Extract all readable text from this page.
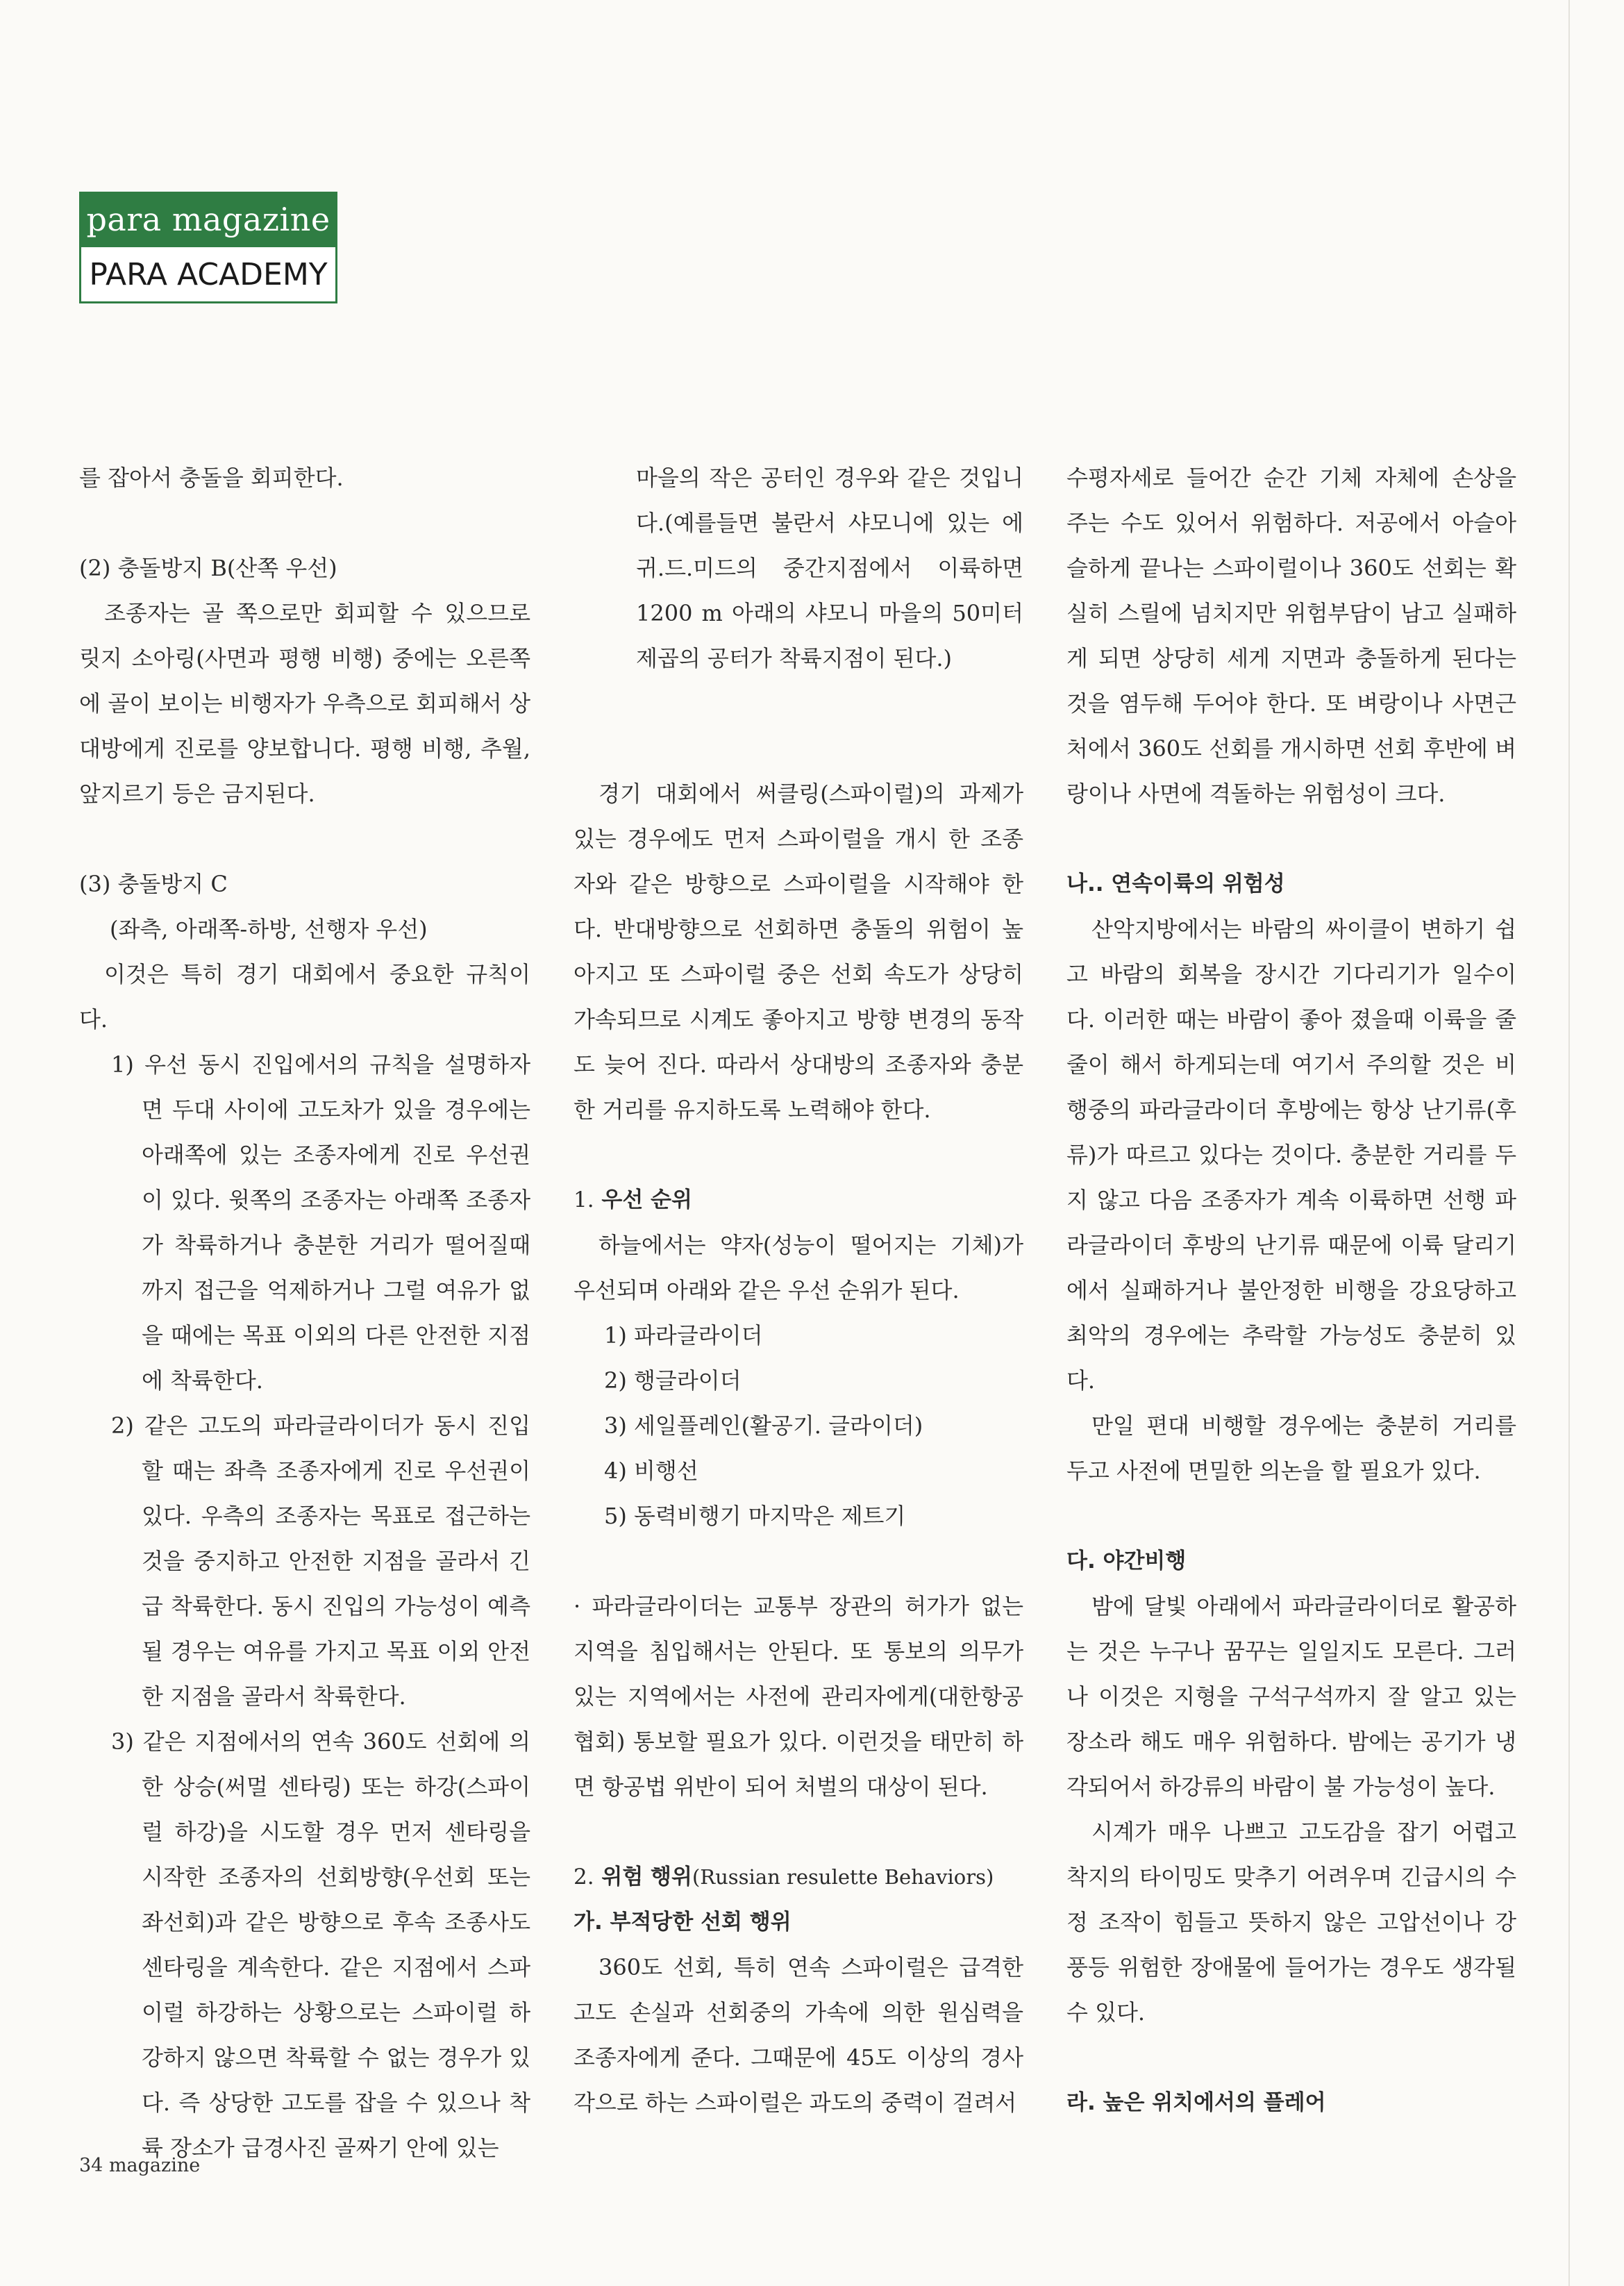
para magazine
PARA ACADEMY

를 잡아서 충돌을 회피한다.

(2) 충돌방지 B(산쪽 우선)

조종자는 골 쪽으로만 회피할 수 있으므로 릿지 소아링(사면과 평행 비행) 중에는 오른쪽에 골이 보이는 비행자가 우측으로 회피해서 상대방에게 진로를 양보합니다. 평행 비행, 추월, 앞지르기 등은 금지된다.

(3) 충돌방지 C

(좌측, 아래쪽-하방, 선행자 우선)

이것은 특히 경기 대회에서 중요한 규칙이다.

1) 우선 동시 진입에서의 규칙을 설명하자면 두대 사이에 고도차가 있을 경우에는 아래쪽에 있는 조종자에게 진로 우선권이 있다. 윗쪽의 조종자는 아래쪽 조종자가 착륙하거나 충분한 거리가 떨어질때까지 접근을 억제하거나 그럴 여유가 없을 때에는 목표 이외의 다른 안전한 지점에 착륙한다.

2) 같은 고도의 파라글라이더가 동시 진입할 때는 좌측 조종자에게 진로 우선권이 있다. 우측의 조종자는 목표로 접근하는 것을 중지하고 안전한 지점을 골라서 긴급 착륙한다. 동시 진입의 가능성이 예측될 경우는 여유를 가지고 목표 이외 안전한 지점을 골라서 착륙한다.

3) 같은 지점에서의 연속 360도 선회에 의한 상승(써멀 센타링) 또는 하강(스파이럴 하강)을 시도할 경우 먼저 센타링을 시작한 조종자의 선회방향(우선회 또는 좌선회)과 같은 방향으로 후속 조종사도 센타링을 계속한다. 같은 지점에서 스파이럴 하강하는 상황으로는 스파이럴 하강하지 않으면 착륙할 수 없는 경우가 있다. 즉 상당한 고도를 잡을 수 있으나 착륙 장소가 급경사진 골짜기 안에 있는

마을의 작은 공터인 경우와 같은 것입니다.(예를들면 불란서 샤모니에 있는 에귀.드.미드의 중간지점에서 이륙하면 1200 m 아래의 샤모니 마을의 50미터제곱의 공터가 착륙지점이 된다.)

경기 대회에서 써클링(스파이럴)의 과제가 있는 경우에도 먼저 스파이럴을 개시 한 조종자와 같은 방향으로 스파이럴을 시작해야 한다. 반대방향으로 선회하면 충돌의 위험이 높아지고 또 스파이럴 중은 선회 속도가 상당히 가속되므로 시계도 좋아지고 방향 변경의 동작도 늦어 진다. 따라서 상대방의 조종자와 충분한 거리를 유지하도록 노력해야 한다.

1. 우선 순위

하늘에서는 약자(성능이 떨어지는 기체)가 우선되며 아래와 같은 우선 순위가 된다.

1) 파라글라이더

2) 행글라이더

3) 세일플레인(활공기. 글라이더)

4) 비행선

5) 동력비행기 마지막은 제트기

· 파라글라이더는 교통부 장관의 허가가 없는 지역을 침입해서는 안된다. 또 통보의 의무가 있는 지역에서는 사전에 관리자에게(대한항공협회) 통보할 필요가 있다. 이런것을 태만히 하면 항공법 위반이 되어 처벌의 대상이 된다.

2. 위험 행위(Russian resulette Behaviors)

가. 부적당한 선회 행위

360도 선회, 특히 연속 스파이럴은 급격한 고도 손실과 선회중의 가속에 의한 원심력을 조종자에게 준다. 그때문에 45도 이상의 경사각으로 하는 스파이럴은 과도의 중력이 걸려서

수평자세로 들어간 순간 기체 자체에 손상을 주는 수도 있어서 위험하다. 저공에서 아슬아슬하게 끝나는 스파이럴이나 360도 선회는 확실히 스릴에 넘치지만 위험부담이 남고 실패하게 되면 상당히 세게 지면과 충돌하게 된다는 것을 염두해 두어야 한다. 또 벼랑이나 사면근처에서 360도 선회를 개시하면 선회 후반에 벼랑이나 사면에 격돌하는 위험성이 크다.

나.. 연속이륙의 위험성

산악지방에서는 바람의 싸이클이 변하기 쉽고 바람의 회복을 장시간 기다리기가 일수이다. 이러한 때는 바람이 좋아 졌을때 이륙을 줄줄이 해서 하게되는데 여기서 주의할 것은 비행중의 파라글라이더 후방에는 항상 난기류(후류)가 따르고 있다는 것이다. 충분한 거리를 두지 않고 다음 조종자가 계속 이륙하면 선행 파라글라이더 후방의 난기류 때문에 이륙 달리기에서 실패하거나 불안정한 비행을 강요당하고 최악의 경우에는 추락할 가능성도 충분히 있다.

만일 편대 비행할 경우에는 충분히 거리를 두고 사전에 면밀한 의논을 할 필요가 있다.

다. 야간비행

밤에 달빛 아래에서 파라글라이더로 활공하는 것은 누구나 꿈꾸는 일일지도 모른다. 그러나 이것은 지형을 구석구석까지 잘 알고 있는 장소라 해도 매우 위험하다. 밤에는 공기가 냉각되어서 하강류의 바람이 불 가능성이 높다.

시계가 매우 나쁘고 고도감을 잡기 어렵고 착지의 타이밍도 맞추기 어려우며 긴급시의 수정 조작이 힘들고 뜻하지 않은 고압선이나 강풍등 위험한 장애물에 들어가는 경우도 생각될 수 있다.

라. 높은 위치에서의 플레어

34 magazine
